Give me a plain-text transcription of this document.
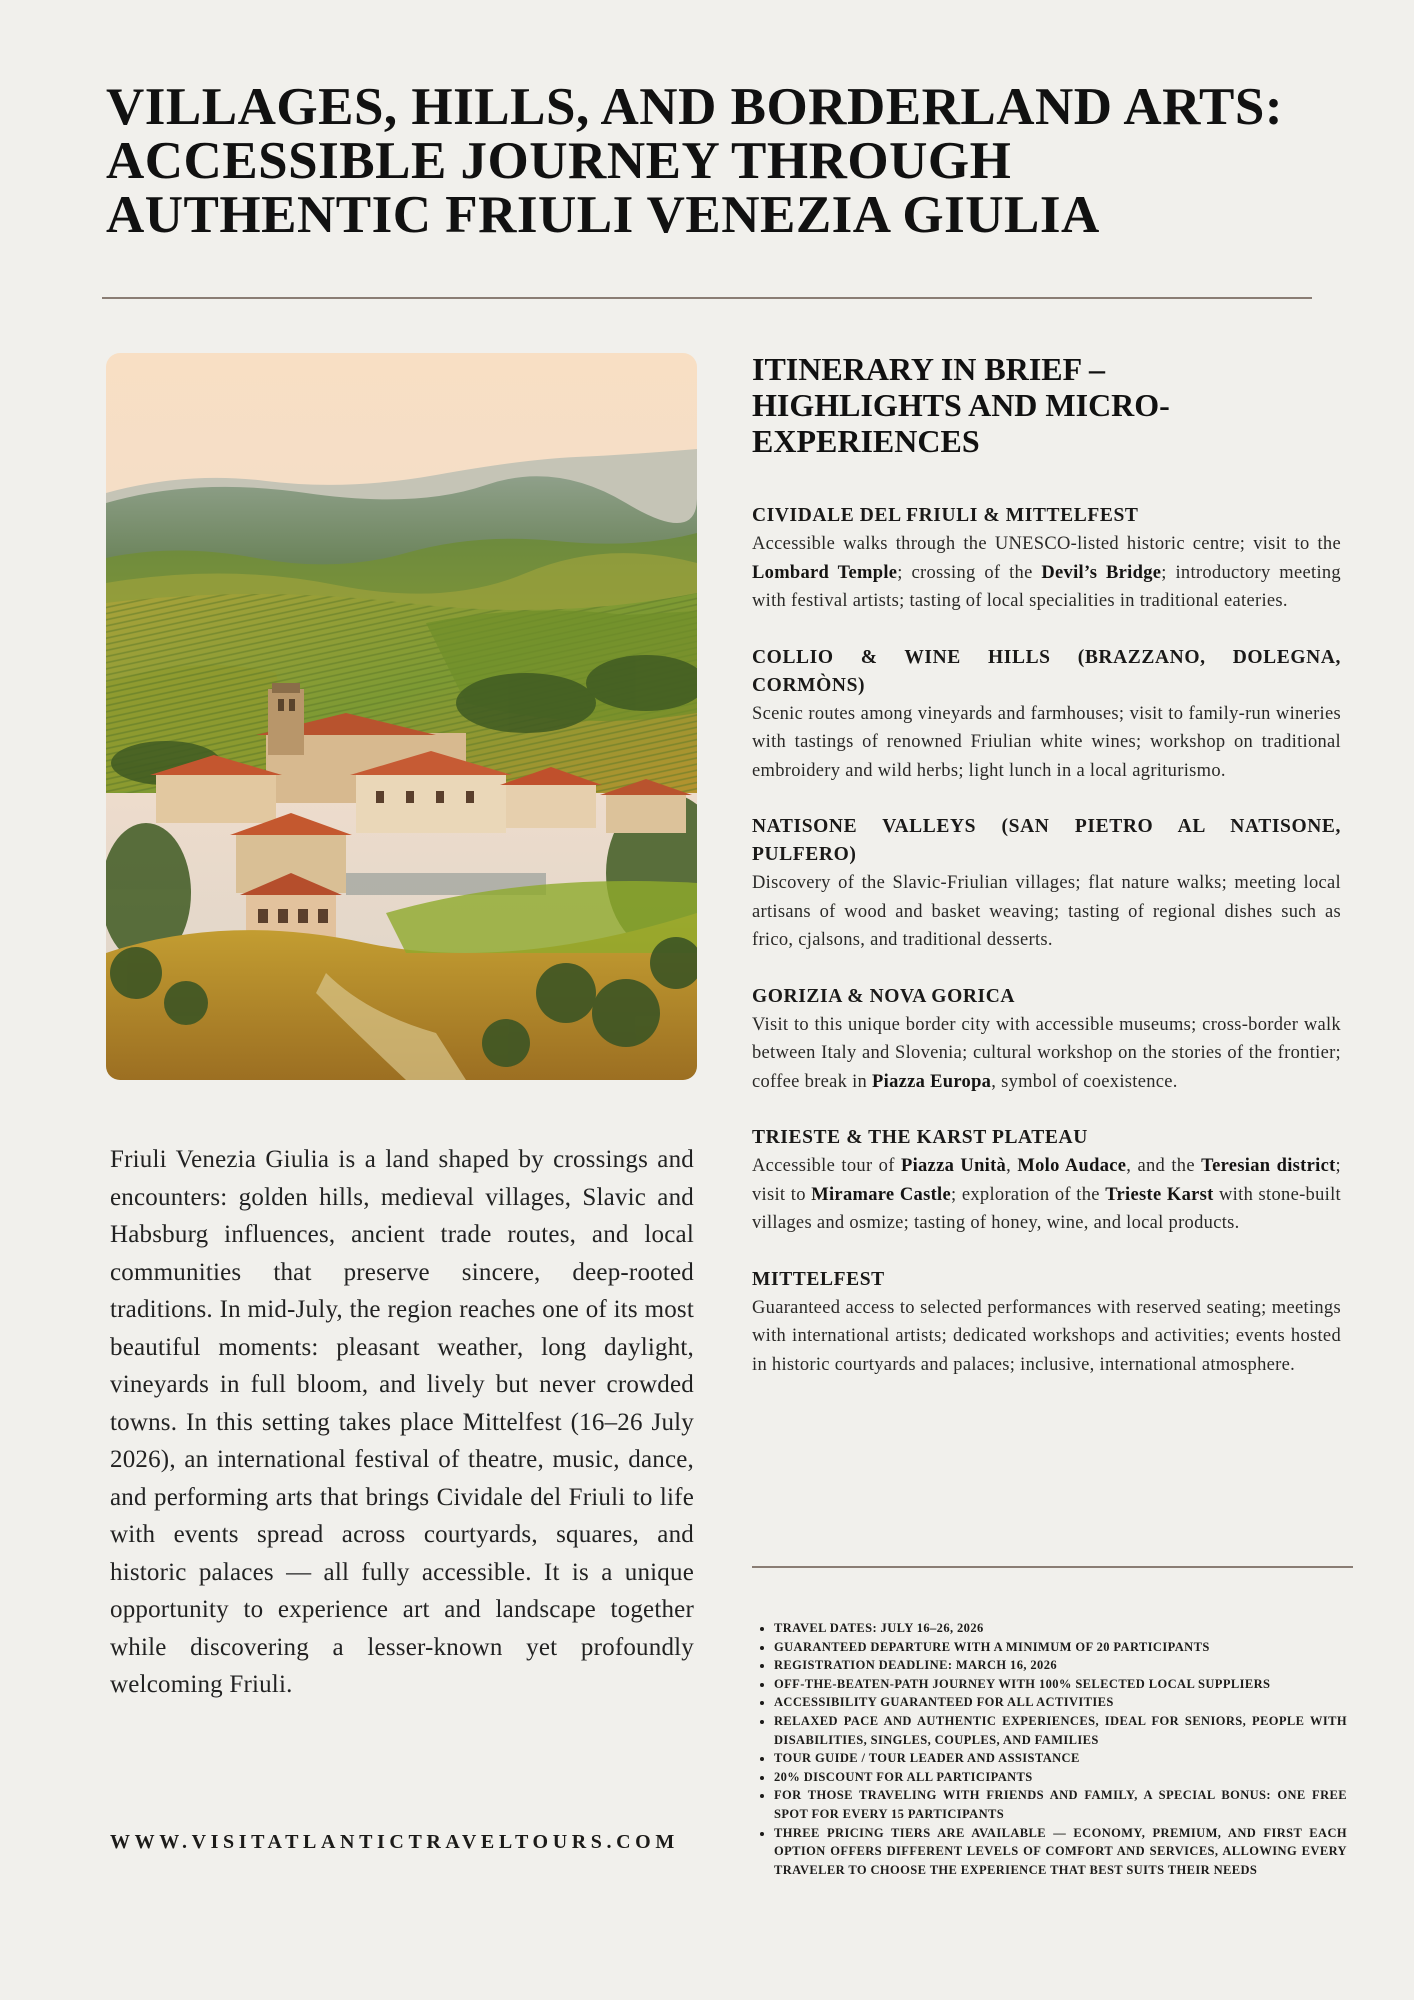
VILLAGES, HILLS, AND BORDERLAND ARTS:
ACCESSIBLE JOURNEY THROUGH
AUTHENTIC FRIULI VENEZIA GIULIA

Friuli Venezia Giulia is a land shaped by crossings and encounters: golden hills, medieval villages, Slavic and Habsburg influences, ancient trade routes, and local communities that preserve sincere, deep-rooted traditions. In mid-July, the region reaches one of its most beautiful moments: pleasant weather, long daylight, vineyards in full bloom, and lively but never crowded towns. In this setting takes place Mittelfest (16–26 July 2026), an international festival of theatre, music, dance, and performing arts that brings Cividale del Friuli to life with events spread across courtyards, squares, and historic palaces — all fully accessible. It is a unique opportunity to experience art and landscape together while discovering a lesser-known yet profoundly welcoming Friuli.

WWW.VISITATLANTICTRAVELTOURS.COM
ITINERARY IN BRIEF – HIGHLIGHTS AND MICRO-EXPERIENCES

CIVIDALE DEL FRIULI & MITTELFEST

Accessible walks through the UNESCO-listed historic centre; visit to the Lombard Temple; crossing of the Devil’s Bridge; introductory meeting with festival artists; tasting of local specialities in traditional eateries.

COLLIO & WINE HILLS (BRAZZANO, DOLEGNA, CORMÒNS)

Scenic routes among vineyards and farmhouses; visit to family-run wineries with tastings of renowned Friulian white wines; workshop on traditional embroidery and wild herbs; light lunch in a local agriturismo.

NATISONE VALLEYS (SAN PIETRO AL NATISONE, PULFERO)

Discovery of the Slavic-Friulian villages; flat nature walks; meeting local artisans of wood and basket weaving; tasting of regional dishes such as frico, cjalsons, and traditional desserts.

GORIZIA & NOVA GORICA

Visit to this unique border city with accessible museums; cross-border walk between Italy and Slovenia; cultural workshop on the stories of the frontier; coffee break in Piazza Europa, symbol of coexistence.

TRIESTE & THE KARST PLATEAU

Accessible tour of Piazza Unità, Molo Audace, and the Teresian district; visit to Miramare Castle; exploration of the Trieste Karst with stone-built villages and osmize; tasting of honey, wine, and local products.

MITTELFEST

Guaranteed access to selected performances with reserved seating; meetings with international artists; dedicated workshops and activities; events hosted in historic courtyards and palaces; inclusive, international atmosphere.

• TRAVEL DATES: JULY 16–26, 2026
• GUARANTEED DEPARTURE WITH A MINIMUM OF 20 PARTICIPANTS
• REGISTRATION DEADLINE: MARCH 16, 2026
• OFF-THE-BEATEN-PATH JOURNEY WITH 100% SELECTED LOCAL SUPPLIERS
• ACCESSIBILITY GUARANTEED FOR ALL ACTIVITIES
• RELAXED PACE AND AUTHENTIC EXPERIENCES, IDEAL FOR SENIORS, PEOPLE WITH DISABILITIES, SINGLES, COUPLES, AND FAMILIES
• TOUR GUIDE / TOUR LEADER AND ASSISTANCE
• 20% DISCOUNT FOR ALL PARTICIPANTS
• FOR THOSE TRAVELING WITH FRIENDS AND FAMILY, A SPECIAL BONUS: ONE FREE SPOT FOR EVERY 15 PARTICIPANTS
• THREE PRICING TIERS ARE AVAILABLE — ECONOMY, PREMIUM, AND FIRST EACH OPTION OFFERS DIFFERENT LEVELS OF COMFORT AND SERVICES, ALLOWING EVERY TRAVELER TO CHOOSE THE EXPERIENCE THAT BEST SUITS THEIR NEEDS
